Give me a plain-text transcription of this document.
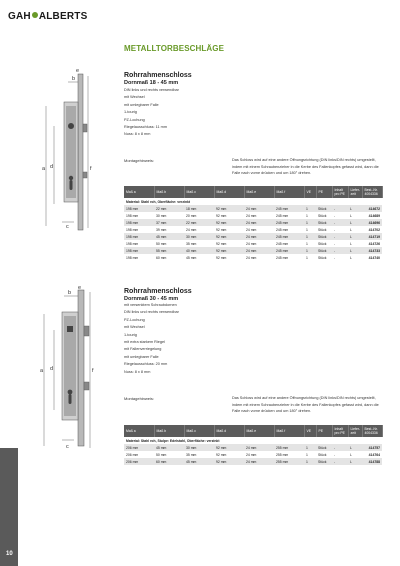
GAH ALBERTS
METALLTORBESCHLÄGE
a
b
c
d
e
f
Rohrrahmenschloss
Dornmaß 18 - 45 mm
DIN links und rechts verwendbar
mit Wechsel
mit umlegbarer Falle
1-tourig
PZ-Lochung
Riegelausschluss: 11 mm
Nuss: 8 x 8 mm
Montagehinweis:	Das Schloss wird auf eine andere Öffnungsrichtung (DIN links/DIN rechts) umgestellt, indem mit einem Schraubenzieher in die Kerbe des Fallenkopfes gefasst wird, dann die Falle nach vorne drücken und um 180° drehen.
Maß a	Maß b	Maß c	Maß d	Maß e	Maß f	VE	PE	Inhalt pro PE	Liefer-zeit	Best.-Nr. 4004336
Material: Stahl roh, Oberfläche: verzinkt										
198 mm	22 mm	18 mm	92 mm	24 mm	245 mm	1	Stück	-	L	414672
198 mm	30 mm	20 mm	92 mm	24 mm	245 mm	1	Stück	-	L	414689
198 mm	37 mm	22 mm	92 mm	24 mm	245 mm	1	Stück	-	L	414696
198 mm	39 mm	24 mm	92 mm	24 mm	245 mm	1	Stück	-	L	414702
198 mm	45 mm	30 mm	92 mm	24 mm	245 mm	1	Stück	-	L	414719
198 mm	50 mm	35 mm	92 mm	24 mm	245 mm	1	Stück	-	L	414726
198 mm	55 mm	40 mm	92 mm	24 mm	245 mm	1	Stück	-	L	414733
198 mm	60 mm	45 mm	92 mm	24 mm	245 mm	1	Stück	-	L	414740
a
b
c
d
e
f
Rohrrahmenschloss
Dornmaß 30 - 45 mm
mit versenktem Schraubdornen
DIN links und rechts verwendbar
PZ-Lochung
mit Wechsel
1-tourig
mit extra starkem Riegel
mit Fallenverriegelung
mit umlegbarer Falle
Riegelausschluss: 20 mm
Nuss: 8 x 8 mm
Montagehinweis:	Das Schloss wird auf eine andere Öffnungsrichtung (DIN links/DIN rechts) umgestellt, indem mit einem Schraubenzieher in die Kerbe des Fallenkopfes gefasst wird, dann die Falle nach vorne drücken und um 180° drehen.
Maß a	Maß b	Maß c	Maß d	Maß e	Maß f	VE	PE	Inhalt pro PE	Liefer-zeit	Best.-Nr. 4004336
Material: Stahl roh, Stulpe: Edelstahl, Oberfläche: verzinkt										
206 mm	45 mm	30 mm	92 mm	24 mm	255 mm	1	Stück	-	L	414757
206 mm	50 mm	35 mm	92 mm	24 mm	255 mm	1	Stück	-	L	414764
206 mm	60 mm	45 mm	92 mm	24 mm	255 mm	1	Stück	-	L	414788
10
